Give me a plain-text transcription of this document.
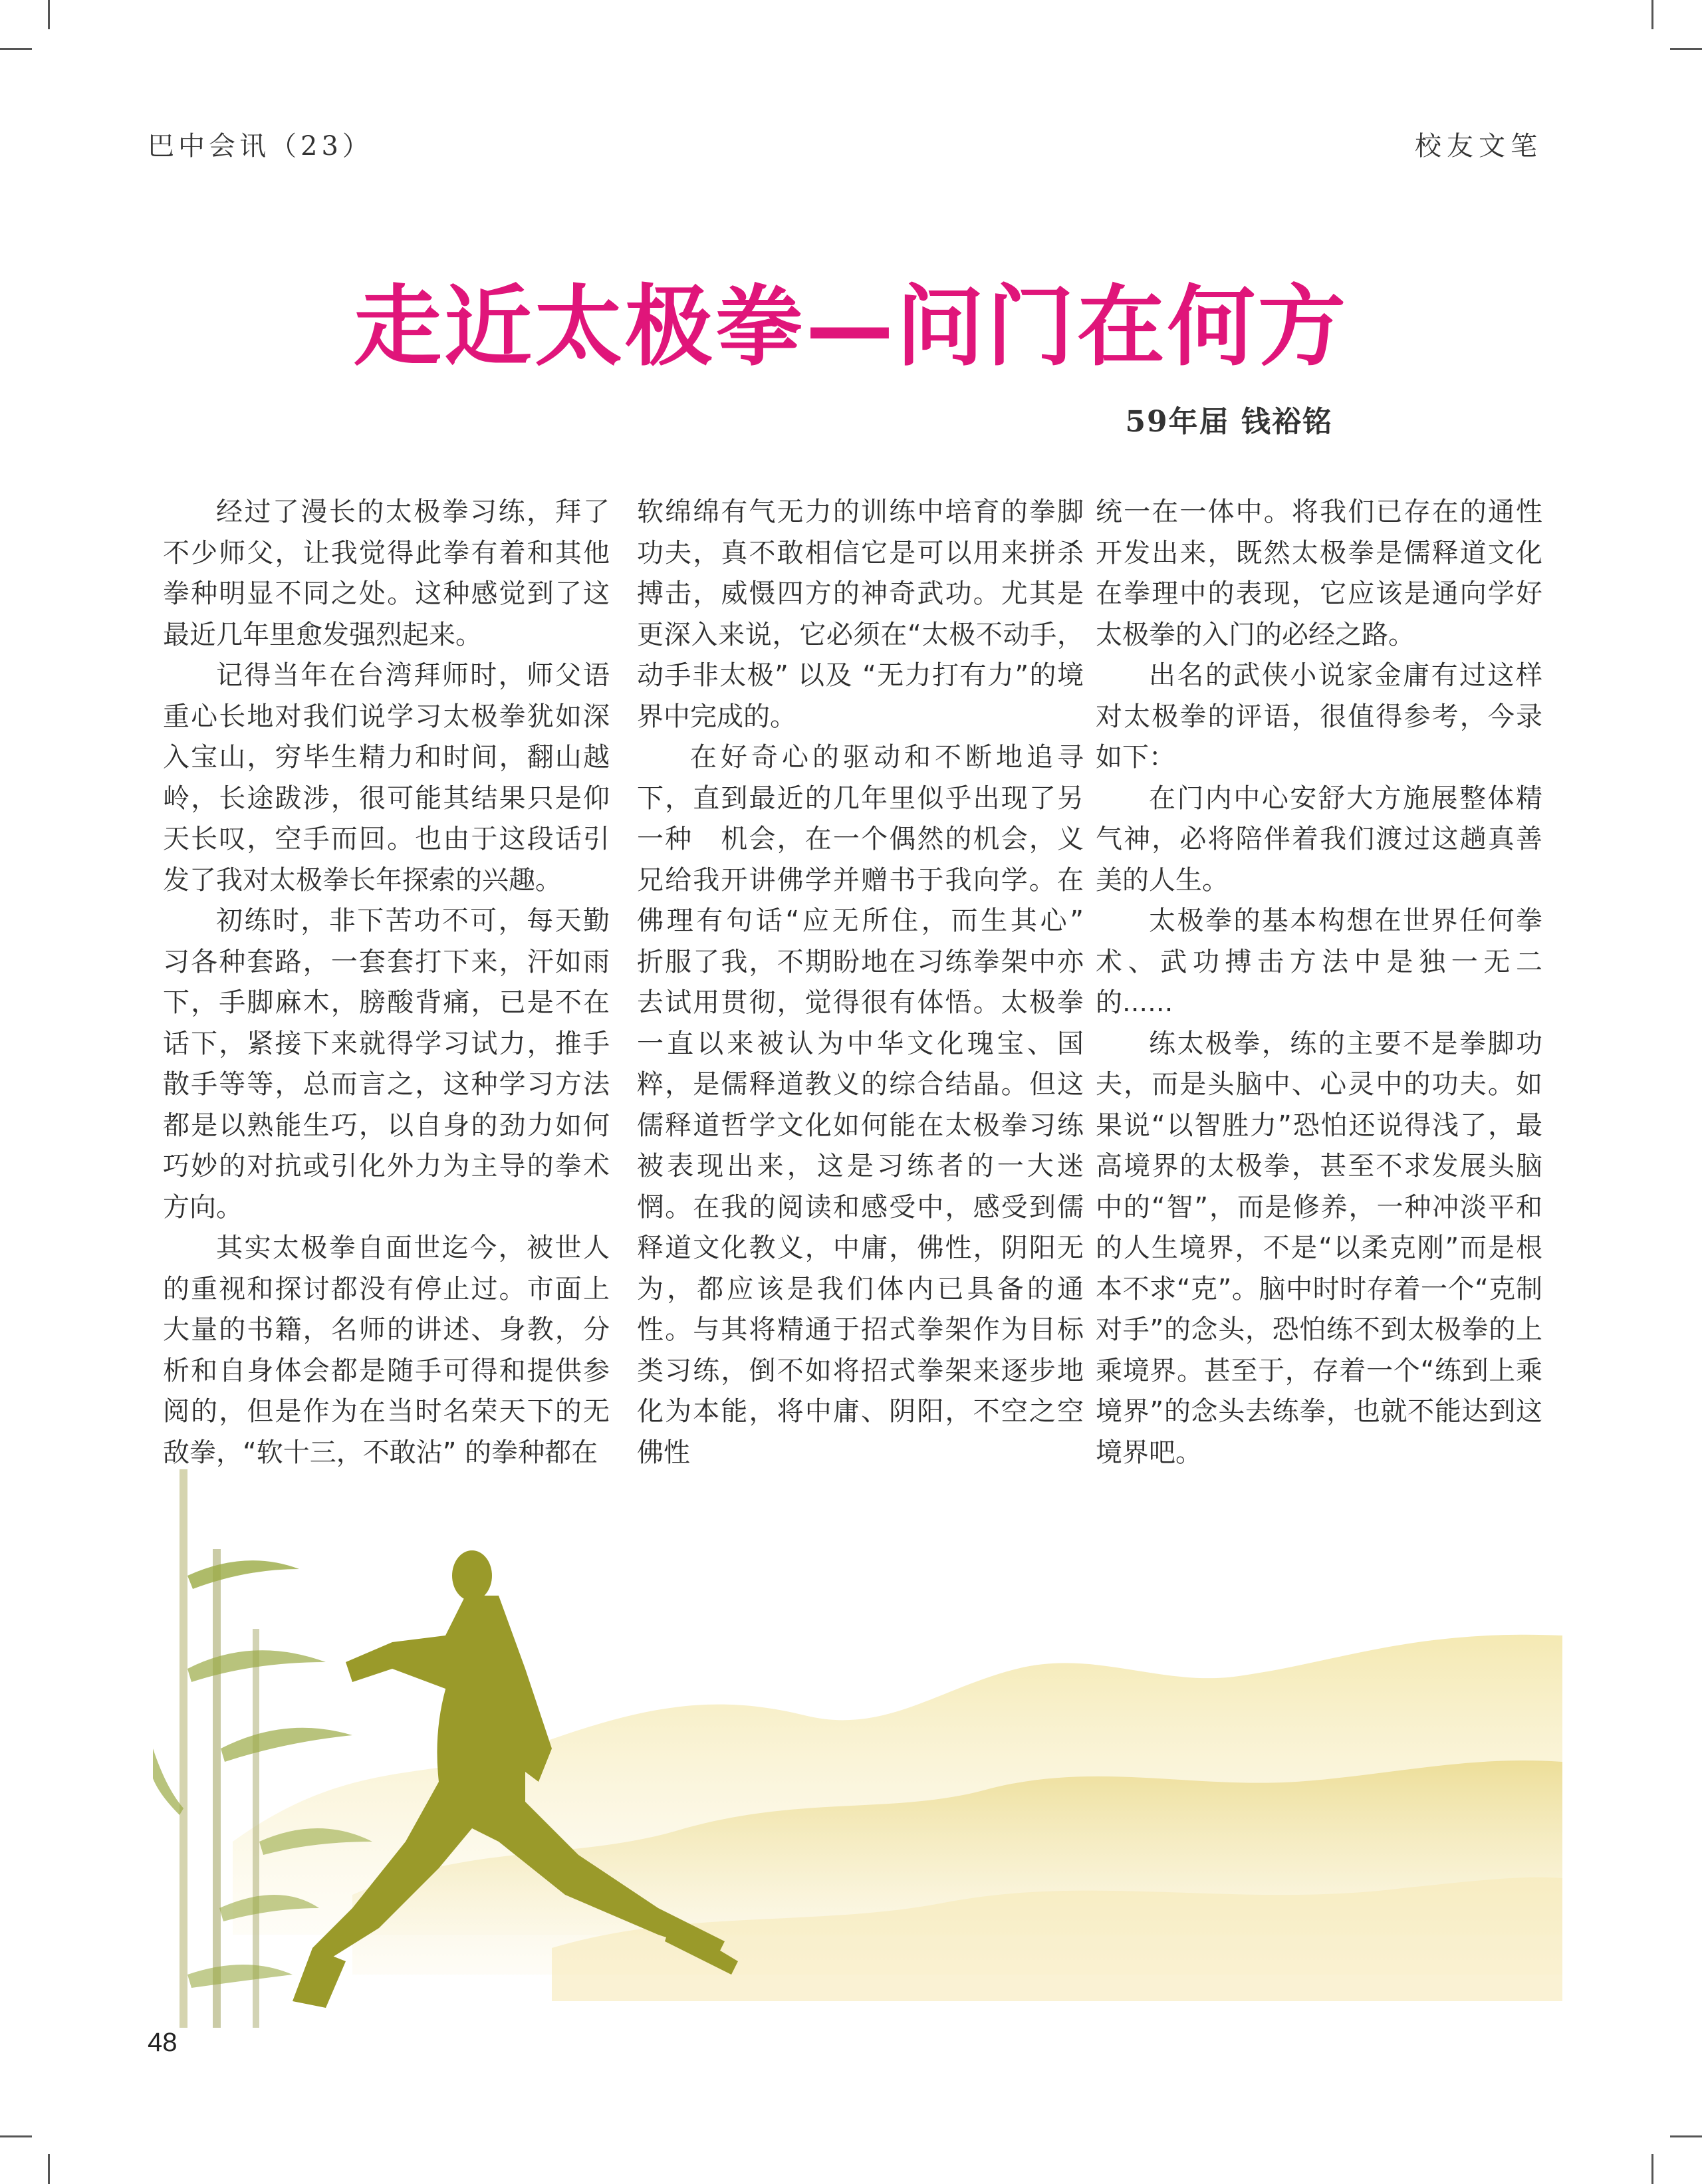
巴中会讯（23）	校友文笔
走近太极拳—问门在何方
59年届 钱裕铭

经过了漫长的太极拳习练，拜了不少师父，让我觉得此拳有着和其他拳种明显不同之处。这种感觉到了这最近几年里愈发强烈起来。

记得当年在台湾拜师时，师父语重心长地对我们说学习太极拳犹如深入宝山，穷毕生精力和时间，翻山越岭，长途跋涉，很可能其结果只是仰天长叹，空手而回。也由于这段话引发了我对太极拳长年探索的兴趣。

初练时，非下苦功不可，每天勤习各种套路，一套套打下来，汗如雨下，手脚麻木，膀酸背痛，已是不在话下，紧接下来就得学习试力，推手散手等等，总而言之，这种学习方法都是以熟能生巧，以自身的劲力如何巧妙的对抗或引化外力为主导的拳术方向。

其实太极拳自面世迄今，被世人的重视和探讨都没有停止过。市面上大量的书籍，名师的讲述、身教，分析和自身体会都是随手可得和提供参阅的，但是作为在当时名荣天下的无敌拳，“软十三，不敢沾” 的拳种都在

软绵绵有气无力的训练中培育的拳脚功夫，真不敢相信它是可以用来拼杀搏击，威慑四方的神奇武功。尤其是更深入来说，它必须在“太极不动手，动手非太极” 以及 “无力打有力”的境界中完成的。

在好奇心的驱动和不断地追寻下，直到最近的几年里似乎出现了另一种　机会，在一个偶然的机会，义兄给我开讲佛学并赠书于我向学。在佛理有句话“应无所住，而生其心”　折服了我，不期盼地在习练拳架中亦去试用贯彻，觉得很有体悟。太极拳一直以来被认为中华文化瑰宝、国粹，是儒释道教义的综合结晶。但这儒释道哲学文化如何能在太极拳习练被表现出来，这是习练者的一大迷惘。在我的阅读和感受中，感受到儒释道文化教义，中庸，佛性，阴阳无为，都应该是我们体内已具备的通性。与其将精通于招式拳架作为目标类习练，倒不如将招式拳架来逐步地化为本能，将中庸、阴阳，不空之空佛性

统一在一体中。将我们已存在的通性开发出来，既然太极拳是儒释道文化在拳理中的表现，它应该是通向学好太极拳的入门的必经之路。

出名的武侠小说家金庸有过这样对太极拳的评语，很值得参考，今录如下：

在门内中心安舒大方施展整体精气神，必将陪伴着我们渡过这趟真善美的人生。

太极拳的基本构想在世界任何拳术、武功搏击方法中是独一无二的......

练太极拳，练的主要不是拳脚功夫，而是头脑中、心灵中的功夫。如果说“以智胜力”恐怕还说得浅了，最高境界的太极拳，甚至不求发展头脑中的“智”，而是修养，一种冲淡平和的人生境界，不是“以柔克刚”而是根本不求“克”。脑中时时存着一个“克制对手”的念头，恐怕练不到太极拳的上乘境界。甚至于，存着一个“练到上乘境界”的念头去练拳，也就不能达到这境界吧。

48
